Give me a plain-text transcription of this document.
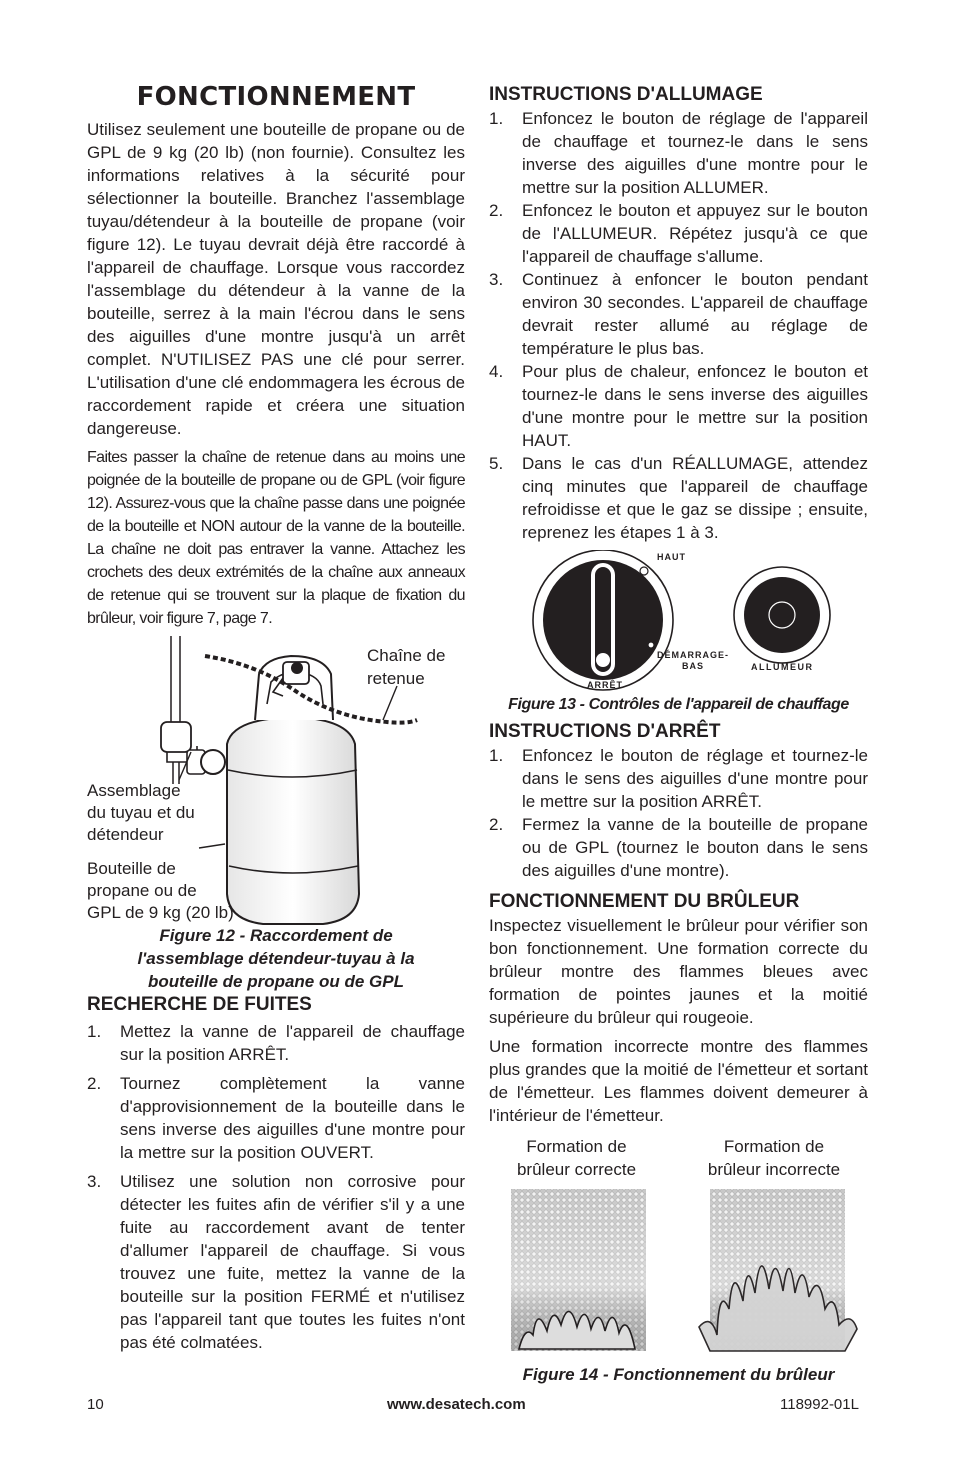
FONCTIONNEMENT

Utilisez seulement une bouteille de propane ou de GPL de 9 kg (20 lb) (non fournie). Consultez les informations relatives à la sécurité pour sélectionner la bouteille. Branchez l'assemblage tuyau/détendeur à la bouteille de propane (voir figure 12). Le tuyau devrait déjà être raccordé à l'appareil de chauffage. Lorsque vous raccordez l'assemblage du détendeur à la vanne de la bouteille, serrez à la main l'écrou dans le sens des aiguilles d'une montre jusqu'à un arrêt complet. N'UTILISEZ PAS une clé pour serrer. L'utilisation d'une clé endommagera les écrous de raccordement rapide et créera une situation dangereuse.

Faites passer la chaîne de retenue dans au moins une poignée de la bouteille de propane ou de GPL (voir figure 12). Assurez-vous que la chaîne passe dans une poignée de la bouteille et NON autour de la vanne de la bouteille. La chaîne ne doit pas entraver la vanne. Attachez les crochets des deux extrémités de la chaîne aux anneaux de retenue qui se trouvent sur la plaque de fixation du brûleur, voir figure 7, page 7.

Chaîne de
retenue
Assemblage
du tuyau et du
détendeur
Bouteille de
propane ou de
GPL de 9 kg (20 lb)
Figure 12 - Raccordement de
l'assemblage détendeur-tuyau à la
bouteille de propane ou de GPL
RECHERCHE DE FUITES
1. Mettez la vanne de l'appareil de chauffage sur la position ARRÊT.
2. Tournez complètement la vanne d'approvisionnement de la bouteille dans le sens inverse des aiguilles d'une montre pour la mettre sur la position OUVERT.
3. Utilisez une solution non corrosive pour détecter les fuites afin de vérifier s'il y a une fuite au raccordement avant de tenter d'allumer l'appareil de chauffage. Si vous trouvez une fuite, mettez la vanne de la bouteille sur la position FERMÉ et n'utilisez pas l'appareil tant que toutes les fuites n'ont pas été colmatées.
INSTRUCTIONS D'ALLUMAGE
1. Enfoncez le bouton de réglage de l'appareil de chauffage et tournez-le dans le sens inverse des aiguilles d'une montre pour le mettre sur la position ALLUMER.
2. Enfoncez le bouton et appuyez sur le bouton de l'ALLUMEUR. Répétez jusqu'à ce que l'appareil de chauffage s'allume.
3. Continuez à enfoncer le bouton pendant environ 30 secondes. L'appareil de chauffage devrait rester allumé au réglage de température le plus bas.
4. Pour plus de chaleur, enfoncez le bouton et tournez-le dans le sens inverse des aiguilles d'une montre pour le mettre sur la position HAUT.
5. Dans le cas d'un RÉALLUMAGE, attendez cinq minutes que l'appareil de chauffage refroidisse et que le gaz se dissipe ; ensuite, reprenez les étapes 1 à 3.
HAUT
DÉMARRAGE-
BAS	ALLUMEUR
ARRÊT
Figure 13 - Contrôles de l'appareil de chauffage
INSTRUCTIONS D'ARRÊT
1. Enfoncez le bouton de réglage et tournez-le dans le sens des aiguilles d'une montre pour le mettre sur la position ARRÊT.
2. Fermez la vanne de la bouteille de propane ou de GPL (tournez le bouton dans le sens des aiguilles d'une montre).
FONCTIONNEMENT DU BRÛLEUR

Inspectez visuellement le brûleur pour vérifier son bon fonctionnement. Une formation correcte du brûleur montre des flammes bleues avec formation de pointes jaunes et la moitié supérieure du brûleur qui rougeoie.

Une formation incorrecte montre des flammes plus grandes que la moitié de l'émetteur et sortant de l'émetteur. Les flammes doivent demeurer à l'intérieur de l'émetteur.

Formation de
brûleur correcte
Formation de
brûleur incorrecte
Figure 14 - Fonctionnement du brûleur
10	www.desatech.com	118992-01L
